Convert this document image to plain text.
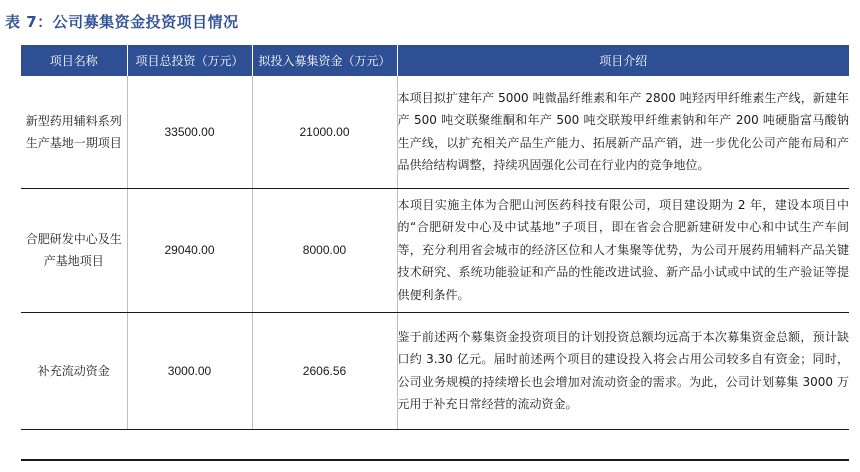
表 7：公司募集资金投资项目情况
项目名称	项目总投资（万元）	拟投入募集资金（万元）	项目介绍
新型药用辅料系列生产基地一期项目	33500.00	21000.00	本项目拟扩建年产 5000 吨微晶纤维素和年产 2800 吨羟丙甲纤维素生产线，新建年产 500 吨交联聚维酮和年产 500 吨交联羧甲纤维素钠和年产 200 吨硬脂富马酸钠生产线，以扩充相关产品生产能力、拓展新产品产销，进一步优化公司产能布局和产品供给结构调整，持续巩固强化公司在行业内的竞争地位。
合肥研发中心及生产基地项目	29040.00	8000.00	本项目实施主体为合肥山河医药科技有限公司，项目建设期为 2 年，建设本项目中的“合肥研发中心及中试基地”子项目，即在省会合肥新建研发中心和中试生产车间等，充分利用省会城市的经济区位和人才集聚等优势，为公司开展药用辅料产品关键技术研究、系统功能验证和产品的性能改进试验、新产品小试或中试的生产验证等提供便利条件。
补充流动资金	3000.00	2606.56	鉴于前述两个募集资金投资项目的计划投资总额均远高于本次募集资金总额，预计缺口约 3.30 亿元。届时前述两个项目的建设投入将会占用公司较多自有资金；同时，公司业务规模的持续增长也会增加对流动资金的需求。为此，公司计划募集 3000 万元用于补充日常经营的流动资金。
